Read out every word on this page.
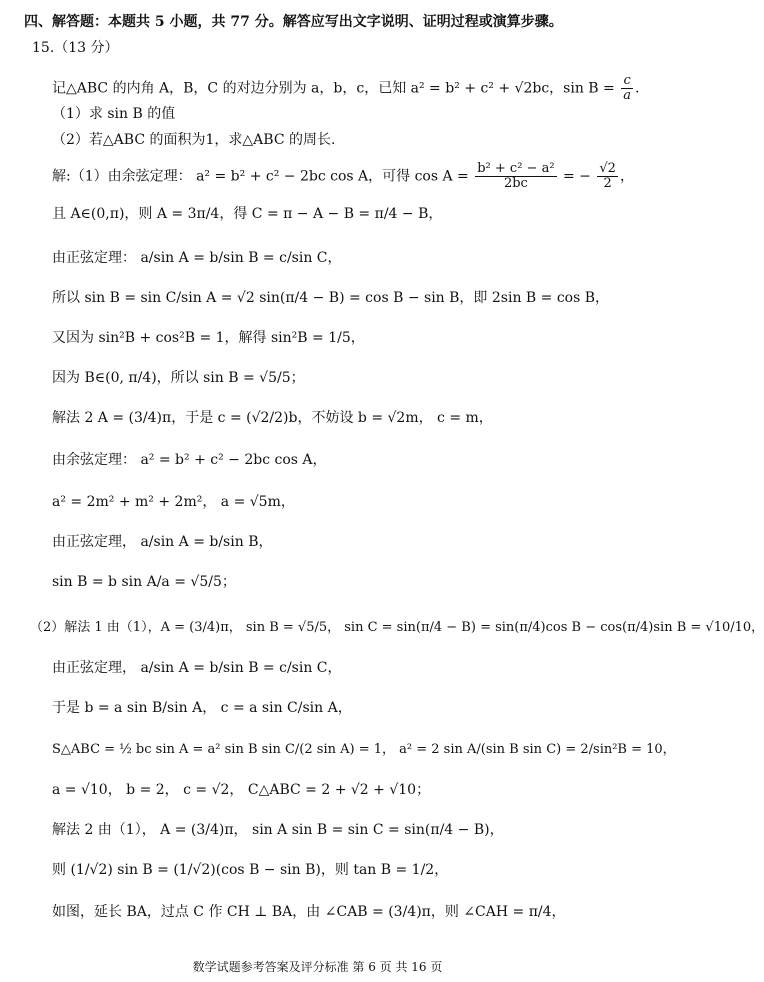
四、解答题：本题共 5 小题，共 77 分。解答应写出文字说明、证明过程或演算步骤。
15.（13 分）
记△ABC 的内角 A，B，C 的对边分别为 a，b，c，已知 a² = b² + c² + √2bc，$\sin B = \frac{c}{a}$ .
（1）求 sin B 的值
（2）若△ABC 的面积为1，求△ABC 的周长.
解:（1）由余弦定理： a² = b² + c² − 2bc cos A，可得 $\cos A = \frac{\text{b² + c² − a²}}{2bc}$ = − $\frac{√2}{2}$ ，
且 A∈(0,π)，则 A = 3π/4，得 C = π − A − B = π/4 − B，
由正弦定理： a/sin A = b/sin B = c/sin C，
所以 sin B = sin C/sin A = √2 sin(π/4 − B) = cos B − sin B，即 2sin B = cos B，
又因为 sin²B + cos²B = 1，解得 sin²B = 1/5，
因为 B∈(0, π/4)，所以 sin B = √5/5；
解法 2 A = (3/4)π，于是 c = (√2/2)b，不妨设 b = √2m， c = m，
由余弦定理： a² = b² + c² − 2bc cos A，
a² = 2m² + m² + 2m²， a = √5m，
由正弦定理， a/sin A = b/sin B，
sin B = b sin A/a = √5/5；
（2）解法 1 由（1），A = (3/4)π， sin B = √5/5， sin C = sin(π/4 − B) = sin(π/4)cos B − cos(π/4)sin B = √10/10，
由正弦定理， a/sin A = b/sin B = c/sin C，
于是 b = a sin B/sin A， c = a sin C/sin A，
S△ABC = ½ bc sin A = a² sin B sin C/(2 sin A) = 1， a² = 2 sin A/(sin B sin C) = 2/sin²B = 10，
a = √10， b = 2， c = √2， C△ABC = 2 + √2 + √10；
解法 2 由（1）， A = (3/4)π， sin A sin B = sin C = sin(π/4 − B)，
则 (1/√2) sin B = (1/√2)(cos B − sin B)，则 tan B = 1/2，
如图，延长 BA，过点 C 作 CH ⊥ BA，由 ∠CAB = (3/4)π，则 ∠CAH = π/4，
数学试题参考答案及评分标准 第 6 页 共 16 页
